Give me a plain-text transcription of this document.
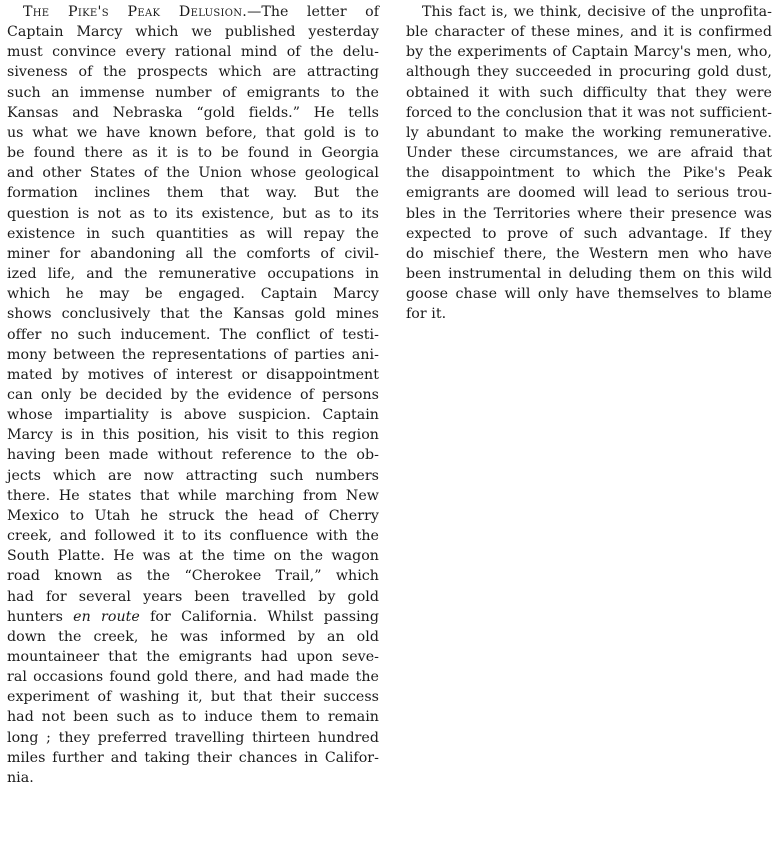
The Pike's Peak Delusion.—The letter of
Captain Marcy which we published yesterday
must convince every rational mind of the delu-
siveness of the prospects which are attracting
such an immense number of emigrants to the
Kansas and Nebraska “gold fields.” He tells
us what we have known before, that gold is to
be found there as it is to be found in Georgia
and other States of the Union whose geological
formation inclines them that way. But the
question is not as to its existence, but as to its
existence in such quantities as will repay the
miner for abandoning all the comforts of civil-
ized life, and the remunerative occupations in
which he may be engaged. Captain Marcy
shows conclusively that the Kansas gold mines
offer no such inducement. The conflict of testi-
mony between the representations of parties ani-
mated by motives of interest or disappointment
can only be decided by the evidence of persons
whose impartiality is above suspicion. Captain
Marcy is in this position, his visit to this region
having been made without reference to the ob-
jects which are now attracting such numbers
there. He states that while marching from New
Mexico to Utah he struck the head of Cherry
creek, and followed it to its confluence with the
South Platte. He was at the time on the wagon
road known as the “Cherokee Trail,” which
had for several years been travelled by gold
hunters en route for California. Whilst passing
down the creek, he was informed by an old
mountaineer that the emigrants had upon seve-
ral occasions found gold there, and had made the
experiment of washing it, but that their success
had not been such as to induce them to remain
long ; they preferred travelling thirteen hundred
miles further and taking their chances in Califor-
nia.
This fact is, we think, decisive of the unprofita-
ble character of these mines, and it is confirmed
by the experiments of Captain Marcy's men, who,
although they succeeded in procuring gold dust,
obtained it with such difficulty that they were
forced to the conclusion that it was not sufficient-
ly abundant to make the working remunerative.
Under these circumstances, we are afraid that
the disappointment to which the Pike's Peak
emigrants are doomed will lead to serious trou-
bles in the Territories where their presence was
expected to prove of such advantage. If they
do mischief there, the Western men who have
been instrumental in deluding them on this wild
goose chase will only have themselves to blame
for it.
